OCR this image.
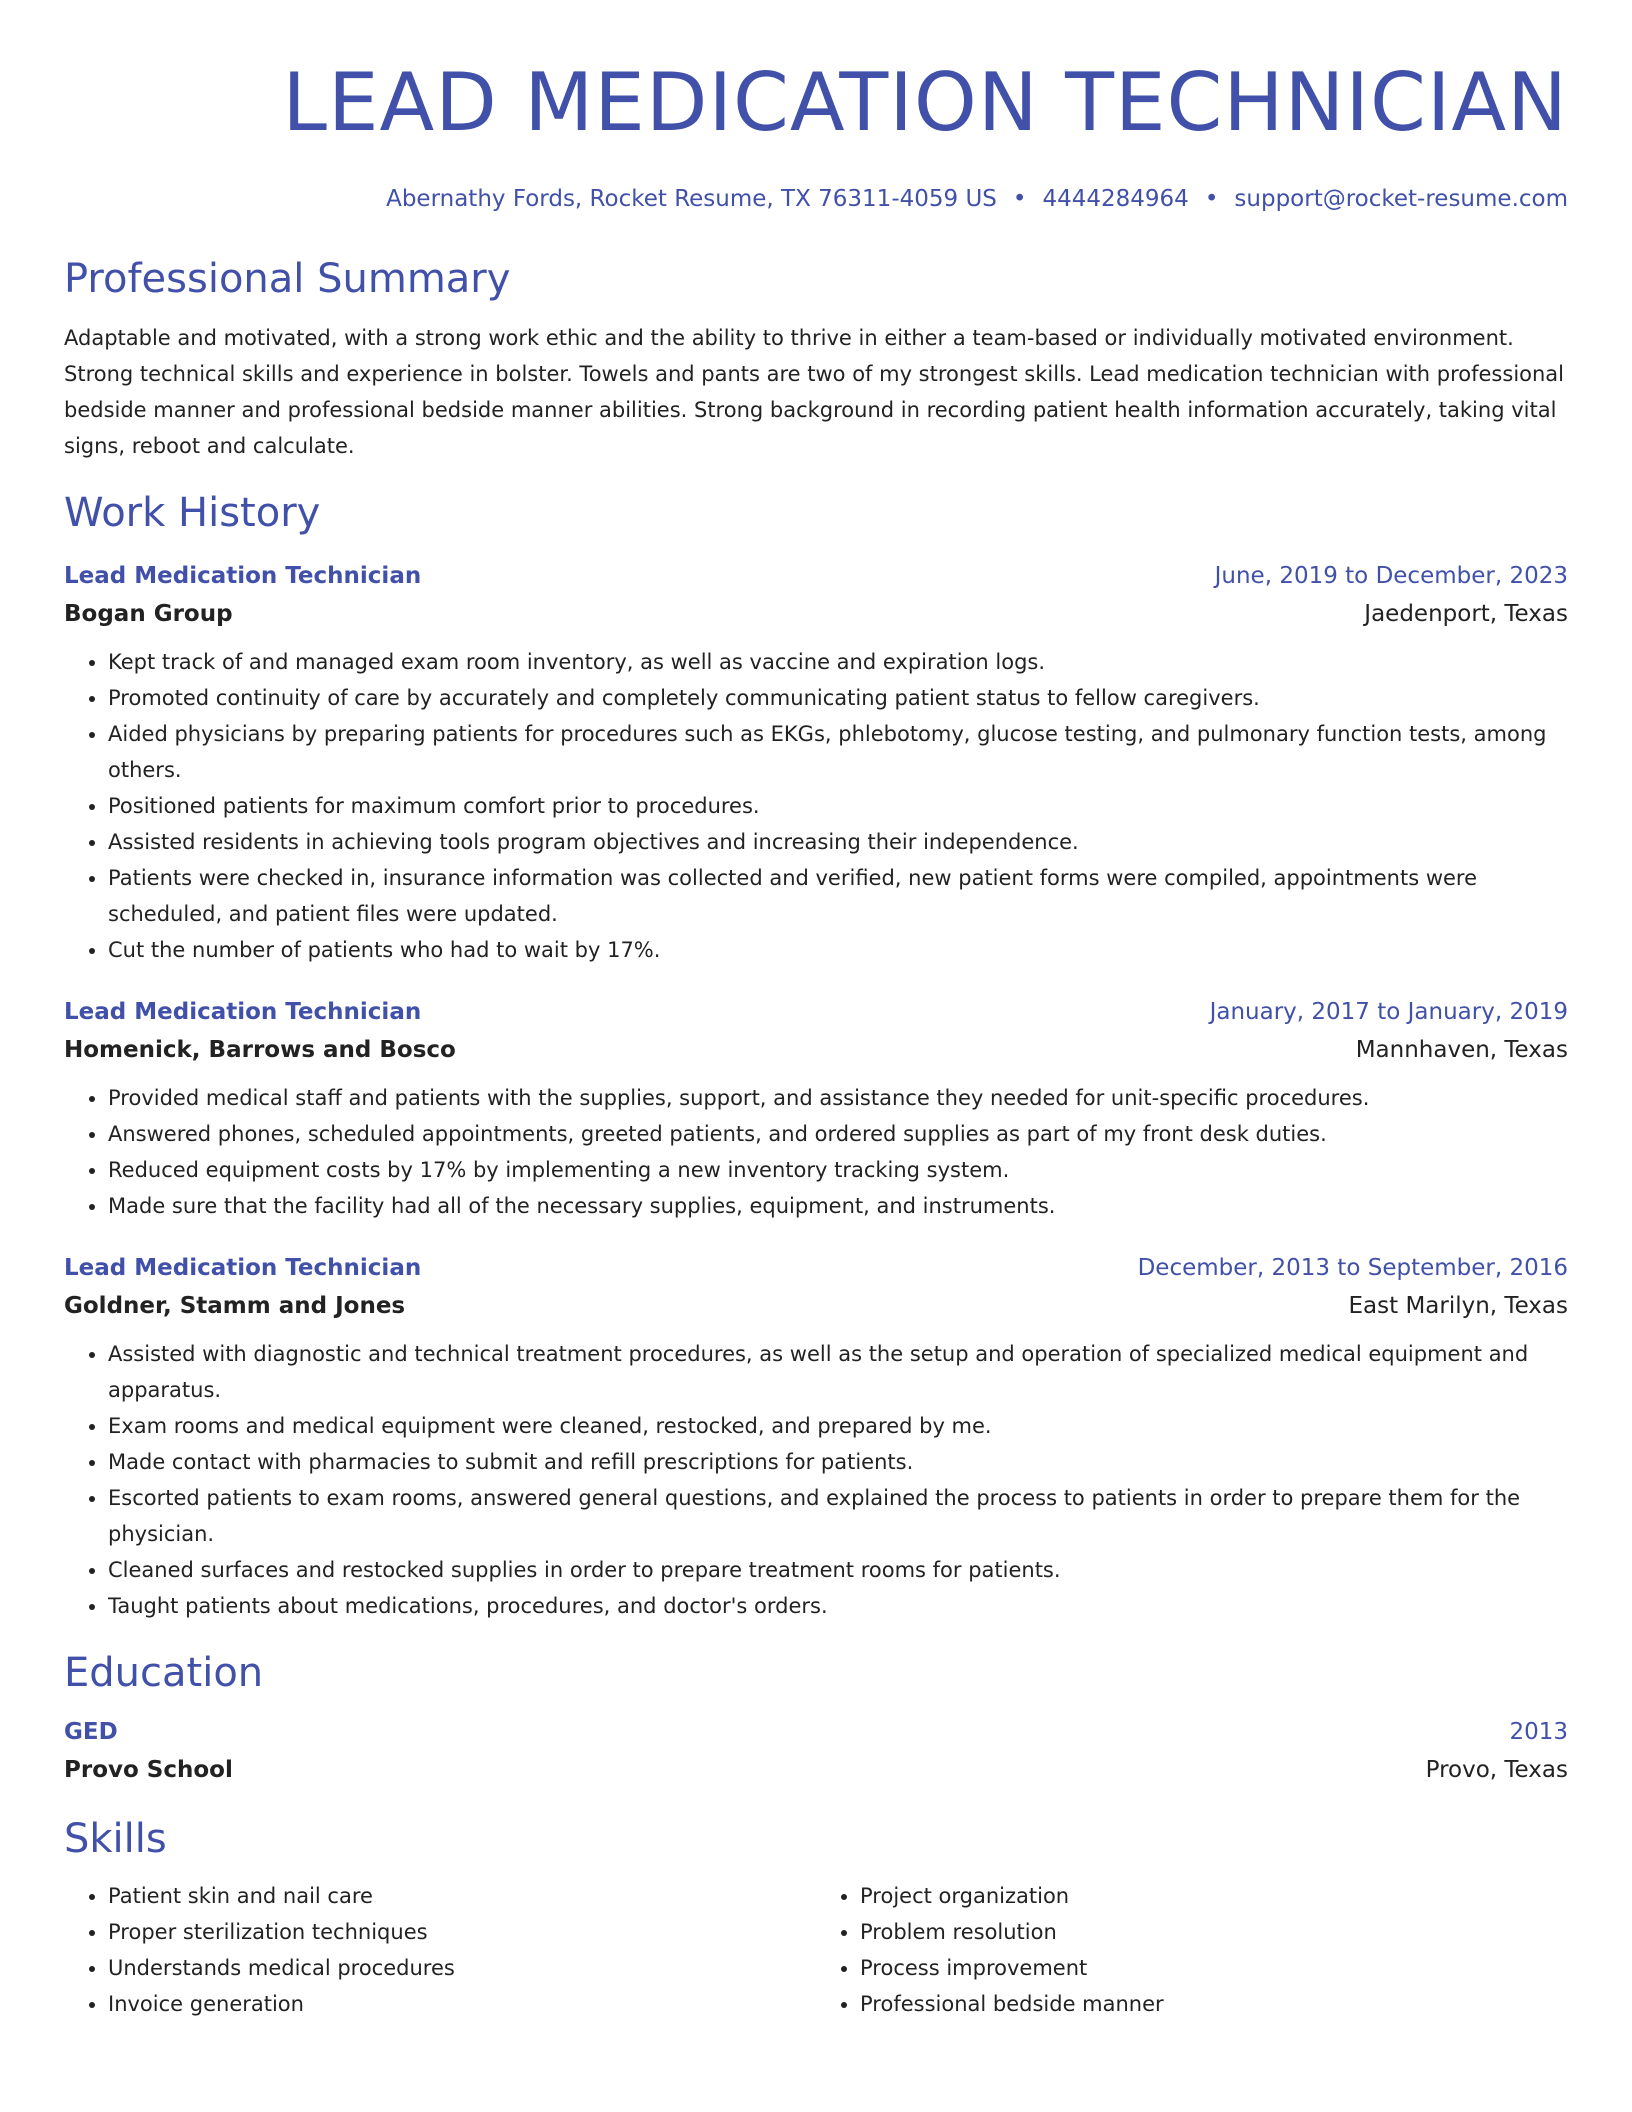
LEAD MEDICATION TECHNICIAN
Abernathy Fords, Rocket Resume, TX 76311-4059 US • 4444284964 • support@rocket-resume.com
Professional Summary
Adaptable and motivated, with a strong work ethic and the ability to thrive in either a team-based or individually motivated environment. Strong technical skills and experience in bolster. Towels and pants are two of my strongest skills. Lead medication technician with professional bedside manner and professional bedside manner abilities. Strong background in recording patient health information accurately, taking vital signs, reboot and calculate.
Work History
Lead Medication Technician	June, 2019 to December, 2023
Bogan Group	Jaedenport, Texas
• Kept track of and managed exam room inventory, as well as vaccine and expiration logs.
• Promoted continuity of care by accurately and completely communicating patient status to fellow caregivers.
• Aided physicians by preparing patients for procedures such as EKGs, phlebotomy, glucose testing, and pulmonary function tests, among others.
• Positioned patients for maximum comfort prior to procedures.
• Assisted residents in achieving tools program objectives and increasing their independence.
• Patients were checked in, insurance information was collected and verified, new patient forms were compiled, appointments were scheduled, and patient files were updated.
• Cut the number of patients who had to wait by 17%.
Lead Medication Technician	January, 2017 to January, 2019
Homenick, Barrows and Bosco	Mannhaven, Texas
• Provided medical staff and patients with the supplies, support, and assistance they needed for unit-specific procedures.
• Answered phones, scheduled appointments, greeted patients, and ordered supplies as part of my front desk duties.
• Reduced equipment costs by 17% by implementing a new inventory tracking system.
• Made sure that the facility had all of the necessary supplies, equipment, and instruments.
Lead Medication Technician	December, 2013 to September, 2016
Goldner, Stamm and Jones	East Marilyn, Texas
• Assisted with diagnostic and technical treatment procedures, as well as the setup and operation of specialized medical equipment and apparatus.
• Exam rooms and medical equipment were cleaned, restocked, and prepared by me.
• Made contact with pharmacies to submit and refill prescriptions for patients.
• Escorted patients to exam rooms, answered general questions, and explained the process to patients in order to prepare them for the physician.
• Cleaned surfaces and restocked supplies in order to prepare treatment rooms for patients.
• Taught patients about medications, procedures, and doctor's orders.
Education
GED	2013
Provo School	Provo, Texas
Skills
• Patient skin and nail care
• Proper sterilization techniques
• Understands medical procedures
• Invoice generation
• Project organization
• Problem resolution
• Process improvement
• Professional bedside manner
